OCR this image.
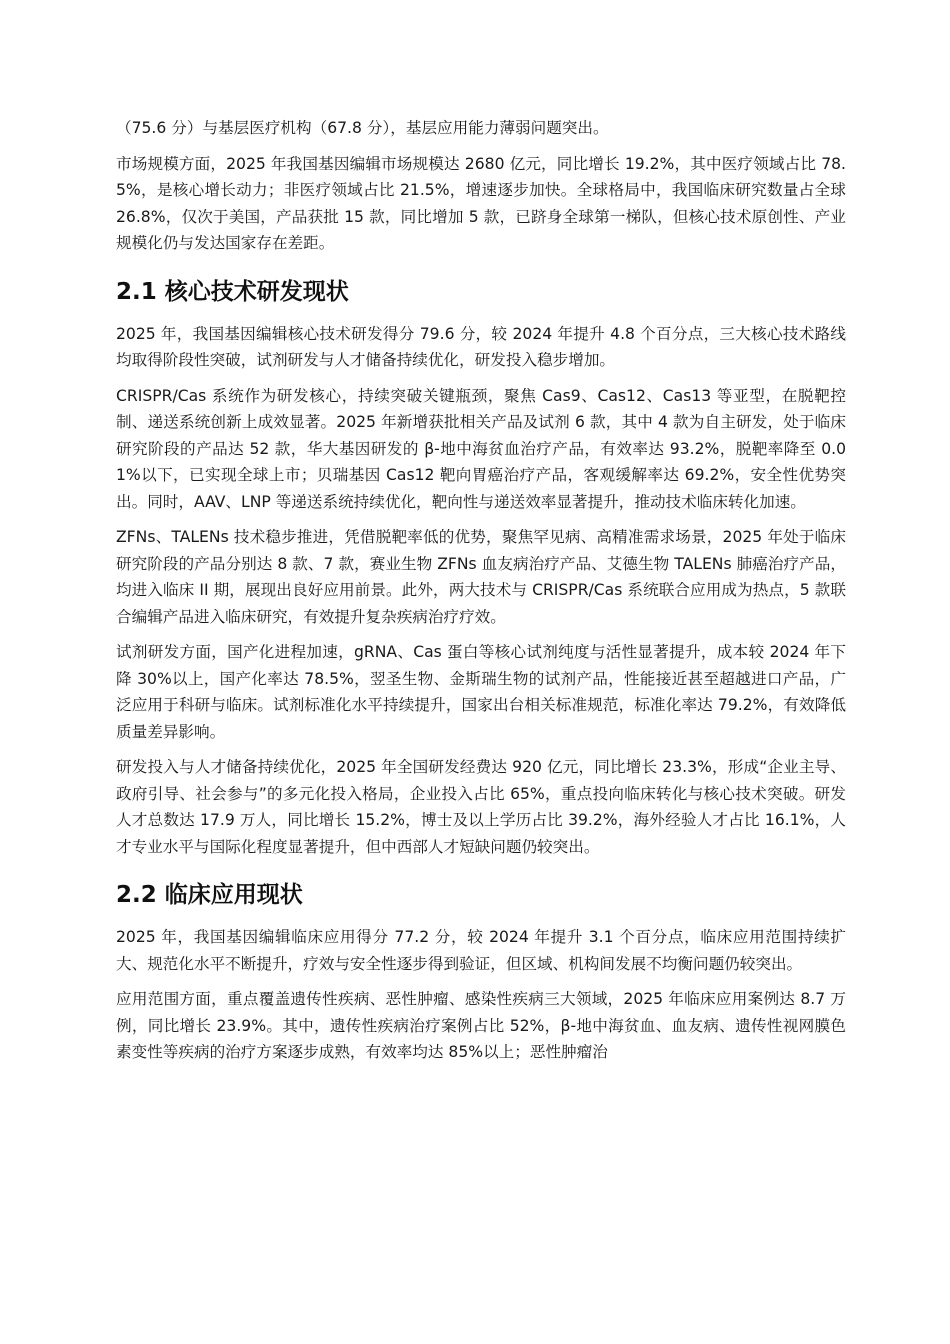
（75.6 分）与基层医疗机构（67.8 分），基层应用能力薄弱问题突出。

市场规模方面，2025 年我国基因编辑市场规模达 2680 亿元，同比增长 19.2%，其中医疗领域占比 78.5%，是核心增长动力；非医疗领域占比 21.5%，增速逐步加快。全球格局中，我国临床研究数量占全球 26.8%，仅次于美国，产品获批 15 款，同比增加 5 款，已跻身全球第一梯队，但核心技术原创性、产业规模化仍与发达国家存在差距。

2.1 核心技术研发现状

2025 年，我国基因编辑核心技术研发得分 79.6 分，较 2024 年提升 4.8 个百分点，三大核心技术路线均取得阶段性突破，试剂研发与人才储备持续优化，研发投入稳步增加。

CRISPR/Cas 系统作为研发核心，持续突破关键瓶颈，聚焦 Cas9、Cas12、Cas13 等亚型，在脱靶控制、递送系统创新上成效显著。2025 年新增获批相关产品及试剂 6 款，其中 4 款为自主研发，处于临床研究阶段的产品达 52 款，华大基因研发的 β-地中海贫血治疗产品，有效率达 93.2%，脱靶率降至 0.01%以下，已实现全球上市；贝瑞基因 Cas12 靶向胃癌治疗产品，客观缓解率达 69.2%，安全性优势突出。同时，AAV、LNP 等递送系统持续优化，靶向性与递送效率显著提升，推动技术临床转化加速。

ZFNs、TALENs 技术稳步推进，凭借脱靶率低的优势，聚焦罕见病、高精准需求场景，2025 年处于临床研究阶段的产品分别达 8 款、7 款，赛业生物 ZFNs 血友病治疗产品、艾德生物 TALENs 肺癌治疗产品，均进入临床 II 期，展现出良好应用前景。此外，两大技术与 CRISPR/Cas 系统联合应用成为热点，5 款联合编辑产品进入临床研究，有效提升复杂疾病治疗疗效。

试剂研发方面，国产化进程加速，gRNA、Cas 蛋白等核心试剂纯度与活性显著提升，成本较 2024 年下降 30%以上，国产化率达 78.5%，翌圣生物、金斯瑞生物的试剂产品，性能接近甚至超越进口产品，广泛应用于科研与临床。试剂标准化水平持续提升，国家出台相关标准规范，标准化率达 79.2%，有效降低质量差异影响。

研发投入与人才储备持续优化，2025 年全国研发经费达 920 亿元，同比增长 23.3%，形成“企业主导、政府引导、社会参与”的多元化投入格局，企业投入占比 65%，重点投向临床转化与核心技术突破。研发人才总数达 17.9 万人，同比增长 15.2%，博士及以上学历占比 39.2%，海外经验人才占比 16.1%，人才专业水平与国际化程度显著提升，但中西部人才短缺问题仍较突出。

2.2 临床应用现状

2025 年，我国基因编辑临床应用得分 77.2 分，较 2024 年提升 3.1 个百分点，临床应用范围持续扩大、规范化水平不断提升，疗效与安全性逐步得到验证，但区域、机构间发展不均衡问题仍较突出。

应用范围方面，重点覆盖遗传性疾病、恶性肿瘤、感染性疾病三大领域，2025 年临床应用案例达 8.7 万例，同比增长 23.9%。其中，遗传性疾病治疗案例占比 52%，β-地中海贫血、血友病、遗传性视网膜色素变性等疾病的治疗方案逐步成熟，有效率均达 85%以上；恶性肿瘤治
